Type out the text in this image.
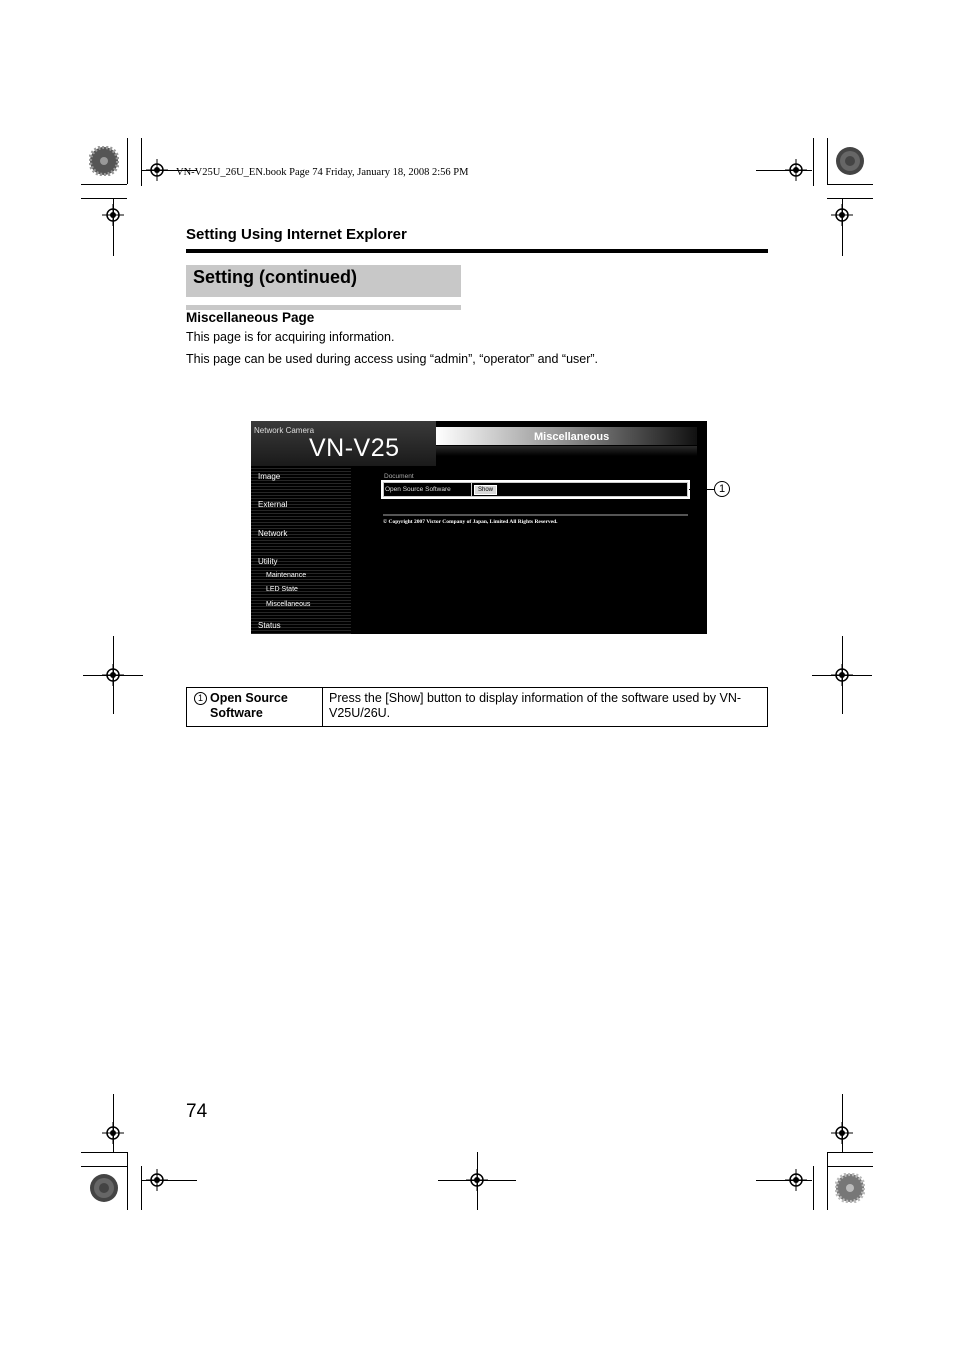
VN-V25U_26U_EN.book Page 74 Friday, January 18, 2008 2:56 PM
Setting Using Internet Explorer
Setting (continued)
Miscellaneous Page
This page is for acquiring information.
This page can be used during access using “admin”, “operator” and “user”.
Network Camera
VN-V25	Miscellaneous
Image
External
Network
Utility
Maintenance
LED State
Miscellaneous
Status
Document
Open Source Software	Show
© Copyright 2007 Victor Company of Japan, Limited All Rights Reserved.
1
1 Open Source Software
Press the [Show] button to display information of the software used by VN-V25U/26U.
74
